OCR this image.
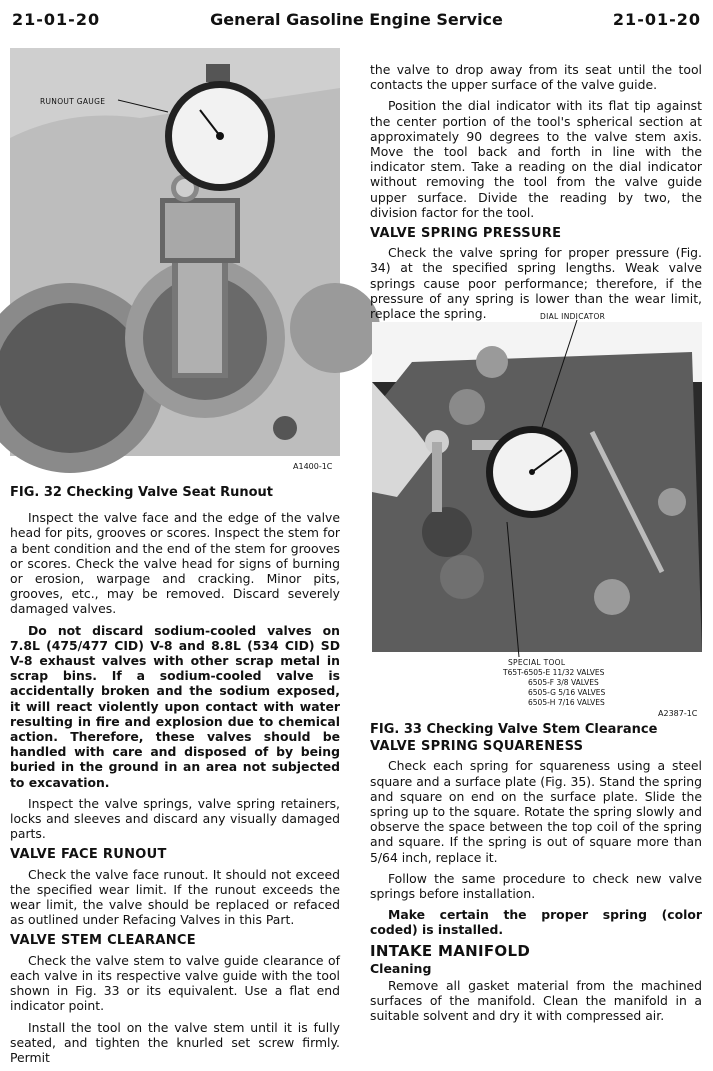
21-01-20	General Gasoline Engine Service	21-01-20
RUNOUT GAUGE
A1400-1C
FIG. 32 Checking Valve Seat Runout

Inspect the valve face and the edge of the valve head for pits, grooves or scores. Inspect the stem for a bent condition and the end of the stem for grooves or scores. Check the valve head for signs of burning or erosion, warpage and cracking. Minor pits, grooves, etc., may be removed. Discard severely damaged valves.

Do not discard sodium-cooled valves on 7.8L (475/477 CID) V-8 and 8.8L (534 CID) SD V-8 exhaust valves with other scrap metal in scrap bins. If a sodium-cooled valve is accidentally broken and the sodium exposed, it will react violently upon contact with water resulting in fire and explosion due to chemical action. Therefore, these valves should be handled with care and disposed of by being buried in the ground in an area not subjected to excavation.

Inspect the valve springs, valve spring retainers, locks and sleeves and discard any visually damaged parts.

VALVE FACE RUNOUT

Check the valve face runout. It should not exceed the specified wear limit. If the runout exceeds the wear limit, the valve should be replaced or refaced as outlined under Refacing Valves in this Part.

VALVE STEM CLEARANCE

Check the valve stem to valve guide clearance of each valve in its respective valve guide with the tool shown in Fig. 33 or its equivalent. Use a flat end indicator point.

Install the tool on the valve stem until it is fully seated, and tighten the knurled set screw firmly. Permit

the valve to drop away from its seat until the tool contacts the upper surface of the valve guide.

Position the dial indicator with its flat tip against the center portion of the tool's spherical section at approximately 90 degrees to the valve stem axis. Move the tool back and forth in line with the indicator stem. Take a reading on the dial indicator without removing the tool from the valve guide upper surface. Divide the reading by two, the division factor for the tool.

VALVE SPRING PRESSURE

Check the valve spring for proper pressure (Fig. 34) at the specified spring lengths. Weak valve springs cause poor performance; therefore, if the pressure of any spring is lower than the wear limit, replace the spring.	DIAL INDICATOR
SPECIAL TOOL
T65T-6505-E 11/32 VALVES
6505-F 3/8 VALVES
6505-G 5/16 VALVES
6505-H 7/16 VALVES
A2387-1C
FIG. 33 Checking Valve Stem Clearance
VALVE SPRING SQUARENESS

Check each spring for squareness using a steel square and a surface plate (Fig. 35). Stand the spring and square on end on the surface plate. Slide the spring up to the square. Rotate the spring slowly and observe the space between the top coil of the spring and square. If the spring is out of square more than 5/64 inch, replace it.

Follow the same procedure to check new valve springs before installation.

Make certain the proper spring (color coded) is installed.

INTAKE MANIFOLD
Cleaning

Remove all gasket material from the machined surfaces of the manifold. Clean the manifold in a suitable solvent and dry it with compressed air.
